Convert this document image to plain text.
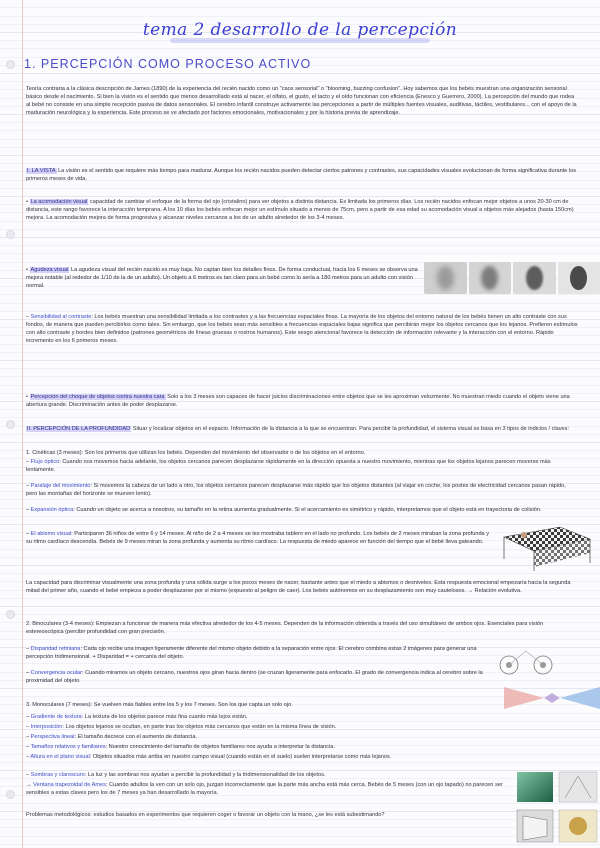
tema 2 desarrollo de la percepción
1. PERCEPCIÓN COMO PROCESO ACTIVO
Teoría contraria a la clásica descripción de James (1890) de la experiencia del recién nacido como un "caos sensorial" o "blooming, buzzing confusion". Hoy sabemos que los bebés muestran una organización sensorial básico desde el nacimiento. Si bien la visión es el sentido que menos desarrollado está al nacer, el olfato, el gusto, el tacto y el oído funcionan con eficiencia (Enesco y Guerrero, 2000). La percepción del mundo que rodea al bebé no consiste en una simple recepción pasiva de datos sensoriales. El cerebro infantil construye activamente las percepciones a partir de múltiples fuentes visuales, auditivas, táctiles, vestibulares... con el apoyo de la maduración neurológica y la experiencia. Este proceso se ve afectado por factores emocionales, motivacionales y por la historia previa de aprendizaje.
I. LA VISTA La visión es el sentido que requiere más tiempo para madurar. Aunque los recién nacidos pueden detectar ciertos patrones y contrastes, sus capacidades visuales evolucionan de forma significativa durante los primeros meses de vida.
• La acomodación visual capacidad de cambiar el enfoque de la forma del ojo (cristalino) para ver objetos a distinta distancia. Es limitada los primeros días. Los recién nacidos enfocan mejor objetos a unos 20-30 cm de distancia, este rango favorece la interacción temprana. A los 10 días los bebés enfocan mejor un estímulo situado a menos de 75cm, pero a partir de esa edad su acomodación visual a objetos más alejados (hasta 150cm) mejora. La acomodación mejora de forma progresiva y alcanzar niveles cercanos a los de un adulto alrededor de los 3-4 meses.
• Agudeza visual La agudeza visual del recién nacido es muy baja. No captan bien los detalles finos. De forma conductual, hacia los 6 meses se observa una mejora notable (al rededor de 1/10 de la de un adulto). Un objeto a 6 metros es tan claro para un bebé como lo sería a 180 metros para un adulto con visión normal.
– Sensibilidad al contraste: Los bebés muestran una sensibilidad limitada a los contrastes y a las frecuencias espaciales finas. La mayoría de los objetos del entorno natural de los bebés tienen un alto contraste con sus fondos, de manera que pueden percibirlos como tales. Sin embargo, que los bebés sean más sensibles a frecuencias espaciales bajas significa que percibirán mejor los objetos cercanos que los lejanos. Prefieren estímulos con alto contraste y bordes bien definidos (patrones geométricos de líneas gruesas o rostros humanos). Este sesgo atencional favorece la detección de información relevante y la interacción con el entorno. Rápido incremento en los 6 primeros meses.
• Percepción del choque de objetos contra nuestra cara Solo a los 3 meses son capaces de hacer juicios discriminaciones entre objetos que se les aproximan velozmente. No muestran miedo cuando el objeto viene una abertura grande. Discriminación antes de poder desplazarse.
II. PERCEPCIÓN DE LA PROFUNDIDAD Situar y localizar objetos en el espacio. Información de la distancia a la que se encuentran. Para percibir la profundidad, el sistema visual se basa en 3 tipos de indicios / claves:
1. Cinéticas (3 meses): Son los primeros que utilizan los bebés. Dependen del movimiento del observador o de los objetos en el entorno.
– Flujo óptico: Cuando nos movemos hacia adelante, los objetos cercanos parecen desplazarse rápidamente en la dirección opuesta a nuestro movimiento, mientras que los objetos lejanos parecen moverse más lentamente.
– Paralaje del movimiento: Si movemos la cabeza de un lado a otro, los objetos cercanos parecen desplazarse más rápido que los objetos distantes (al viajar en coche, los postes de electricidad cercanos pasan rápido, pero las montañas del horizonte se mueven lento).
– Expansión óptica: Cuando un objeto se acerca a nosotros, su tamaño en la retina aumenta gradualmente. Si el acercamiento es simétrico y rápido, interpretamos que el objeto está en trayectoria de colisión.
– El abismo visual: Participaron 36 niños de entre 6 y 14 meses. Al niño de 2 a 4 meses se les mostraba tablero en el lado no profundo. Los bebés de 2 meses miraban la zona profunda y su ritmo cardíaco descendía. Bebés de 9 meses miran la zona profunda y aumenta su ritmo cardíaco. La respuesta de miedo aparece en función del tiempo que el bebé lleva gateando.
La capacidad para discriminar visualmente una zona profunda y una sólida surge a los pocos meses de nacer, bastante antes que el miedo a abismos o desniveles. Esta respuesta emocional empezaría hacia la segunda mitad del primer año, cuando el bebé empieza a poder desplazarse por sí mismo (expuesto al peligro de caer). Los bebés autónomos en su desplazamiento son muy cautelosos. → Relación evolutiva.
2. Binoculares (3-4 meses): Empiezan a funcionar de manera más efectiva alrededor de los 4-5 meses. Dependen de la información obtenida a través del uso simultáneo de ambos ojos. Esenciales para visión estereoscópica (percibir profundidad con gran precisión.
– Disparidad retiniana: Cada ojo recibe una imagen ligeramente diferente del mismo objeto debido a la separación entre ojos. El cerebro combina estas 2 imágenes para generar una percepción tridimensional. + Disparidad = + cercanía del objeto.
– Convergencia ocular: Cuando miramos un objeto cercano, nuestros ojos giran hacia dentro (se cruzan ligeramente para enfocarlo. El grado de convergencia indica al cerebro sobre la proximidad del objeto.
3. Monoculares (7 meses): Se vuelven más fiables entre los 5 y los 7 meses. Son los que capta un solo ojo.
– Gradiente de textura: La textura de los objetos parece más fina cuanto más lejos están.
– Interposición: Los objetos lejanos se ocultan, en parte tras los objetos más cercanos que están en la misma línea de visión.
– Perspectiva lineal: El tamaño decrece con el aumento de distancia.
– Tamaños relativos y familiares: Nuestro conocimiento del tamaño de objetos familiares nos ayuda a interpretar la distancia.
– Altura en el plano visual: Objetos situados más arriba en nuestro campo visual (cuando están en el suelo) suelen interpretarse como más lejanos.
– Sombras y claroscuro: La luz y las sombras nos ayudan a percibir la profundidad y la tridimensionalidad de los objetos.
→ Ventana trapezoidal de Ames: Cuando adultos la ven con un solo ojo, juzgan incorrectamente que la parte más ancha está más cerca. Bebés de 5 meses (con un ojo tapado) no parecen ser sensibles a estas claves pero los de 7 meses ya han desarrollado la mayoría.
Problemas metodológicos: estudios basados en experimentos que requieren coger o favorar un objeto con la mano, ¿se les está subestimando?
